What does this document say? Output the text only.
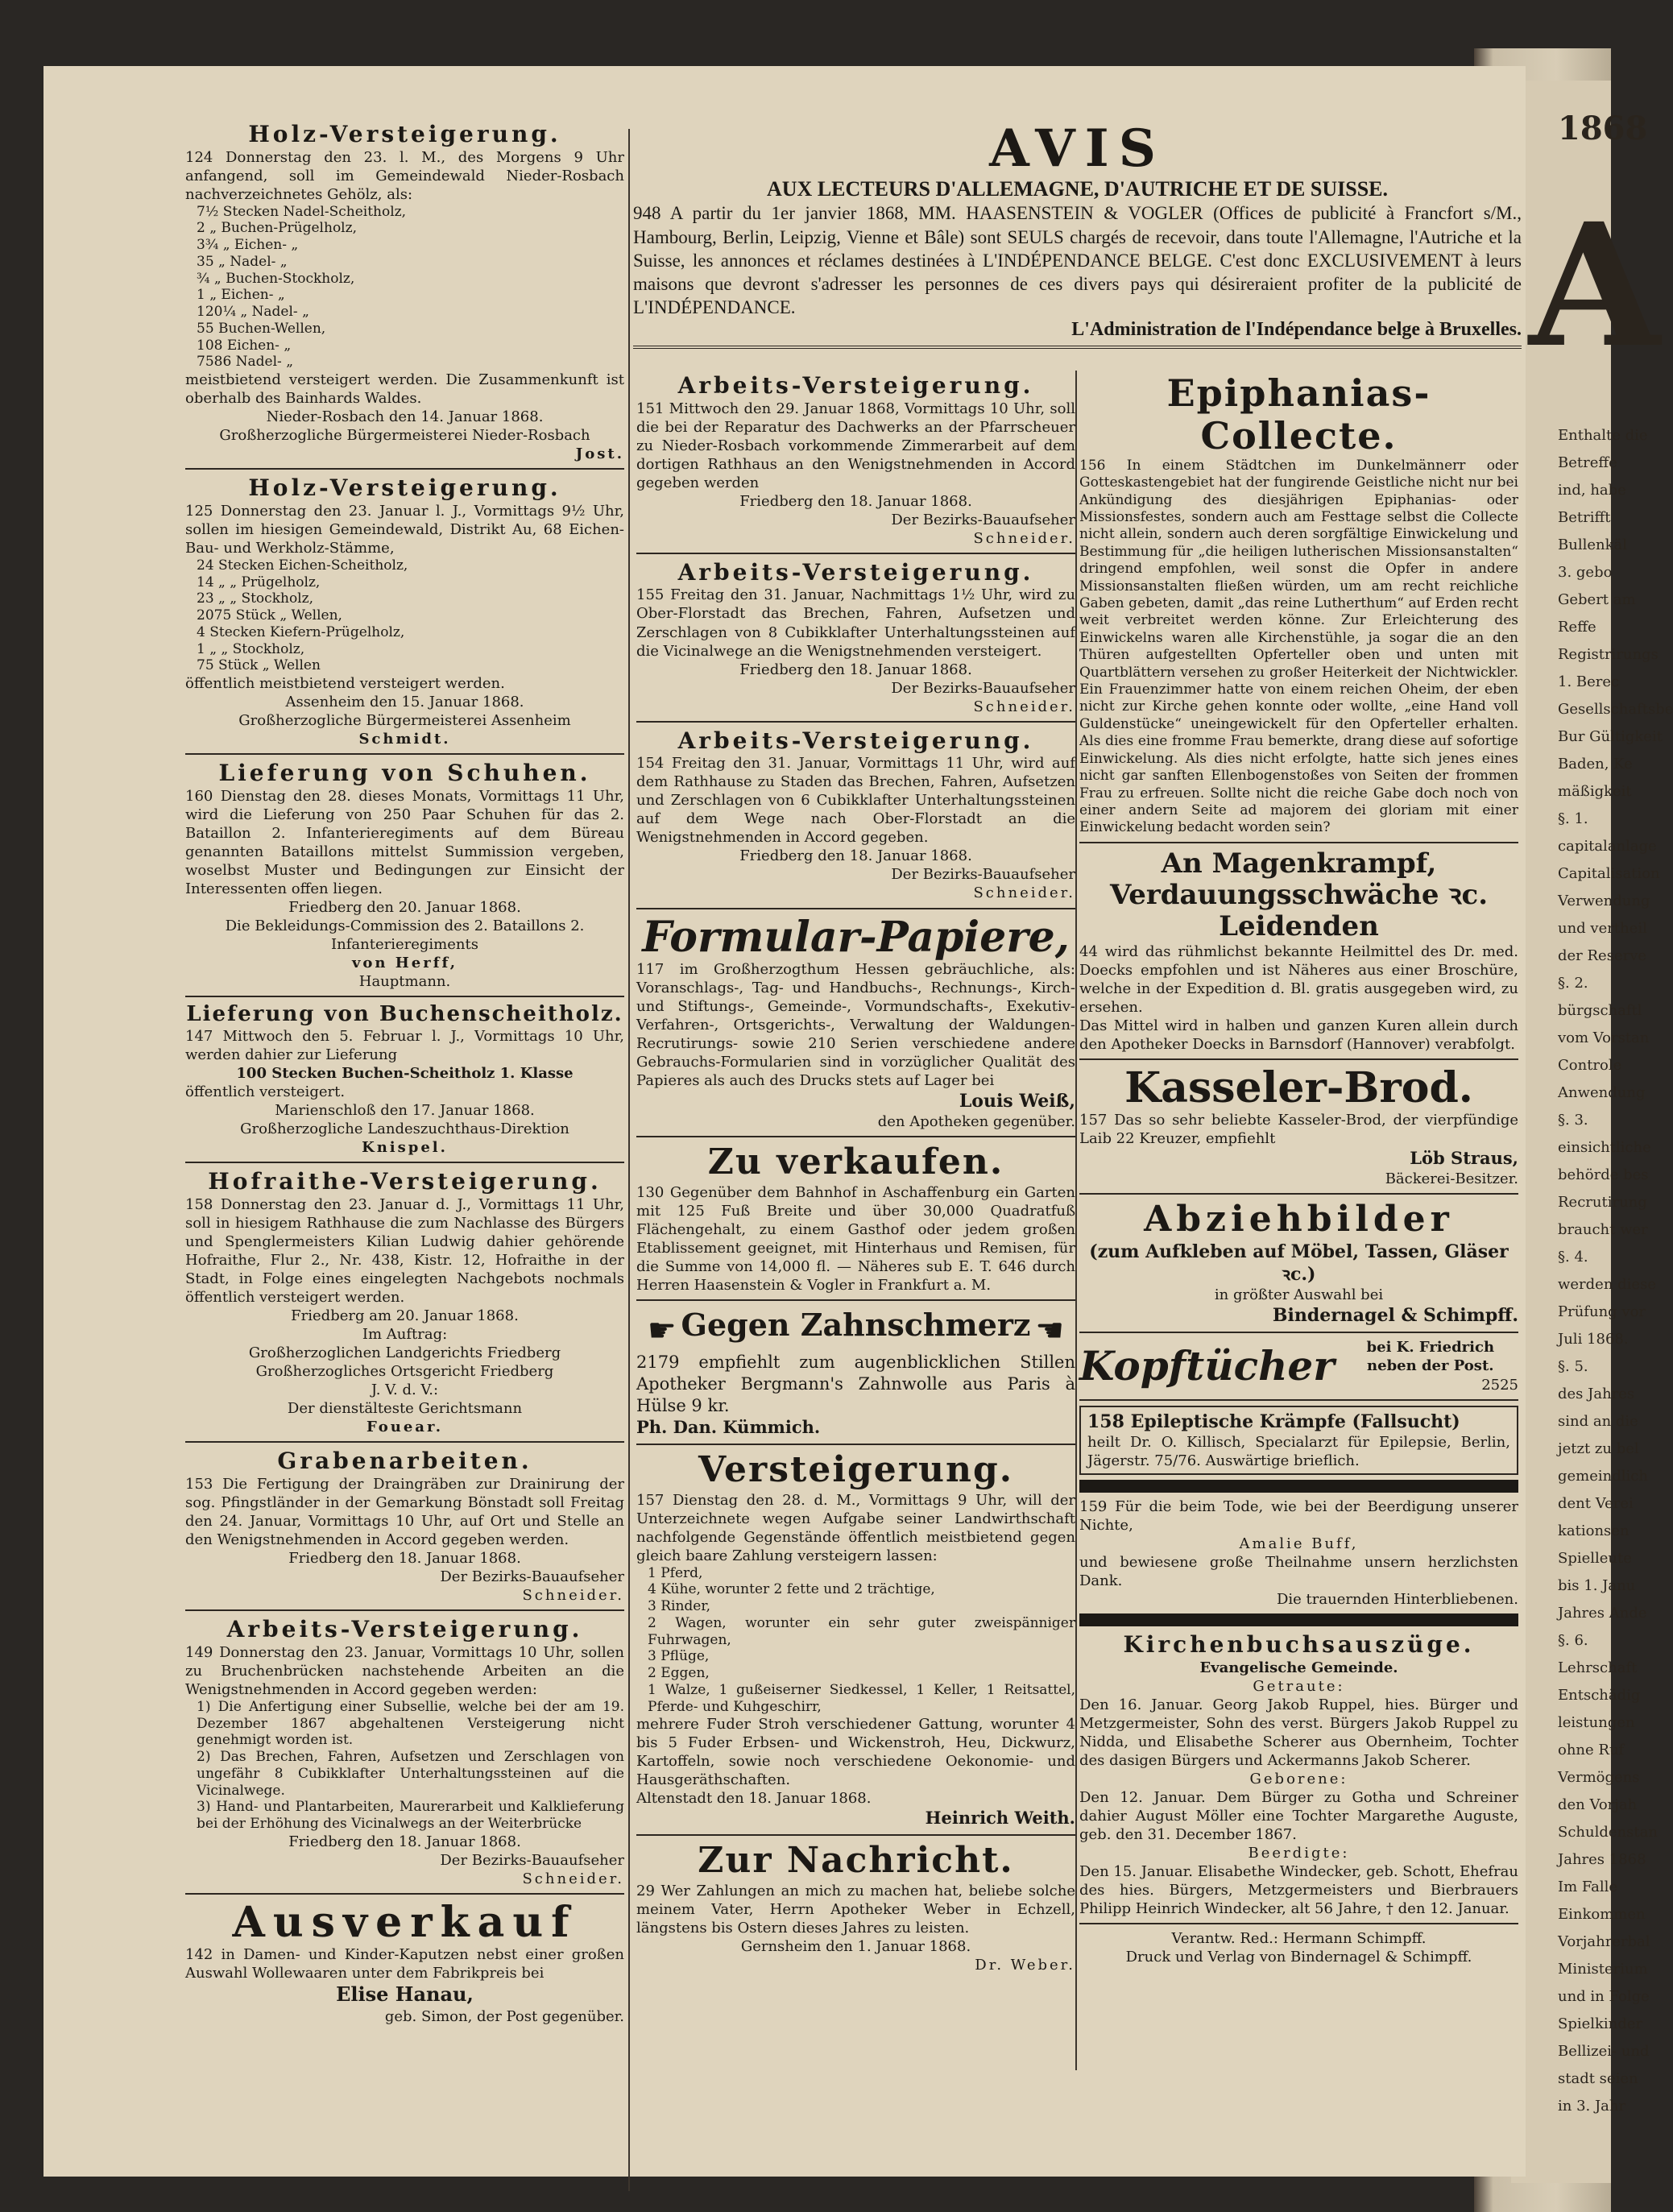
1868
A
Enthalte die
Betreffe
ind, habe
Betrifft
Bullenkäl
3. gebo
Gebert am
Reffe
Registrirungs
1. Berec
Gesellschaftsbe
Bur Gültigkeit
Baden, Ke
mäßigkeit
§. 1.
capitalanlage
Capitalisation
Verwendung
und vertheil
der Reserve
§. 2.
bürgschaftl
vom Vorstan
Controle
Anwendung
§. 3.
einsichtliche
behörde bes
Recrutirung
braucht wer
§. 4.
werden diese
Prüfung vor
Juli 1868.
§. 5.
des Jahres
sind an die
jetzt zu bel
gemeindlich
dent Verei
kationsen
Spielleute
bis 1. Janu
Jahres Ande
§. 6.
Lehrschaft
Entschädig
leistungen
ohne Ruf
Vermögens
den Vorjah
Schuldenstan
Jahres 1868
Im Falle
Einkommen
Vorjahrerbal
Ministerium
und in Folge
Spielkinder
Bellizei- und
stadt seien
in 3. Jahr
Holz-Versteigerung.
124 Donnerstag den 23. l. M., des Morgens 9 Uhr anfangend, soll im Gemeindewald Nieder-Rosbach nachverzeichnetes Gehölz, als:
7½ Stecken Nadel-Scheitholz,
2 „ Buchen-Prügelholz,
3¾ „ Eichen- „
35 „ Nadel- „
¾ „ Buchen-Stockholz,
1 „ Eichen- „
120¼ „ Nadel- „
55 Buchen-Wellen,
108 Eichen- „
7586 Nadel- „
meistbietend versteigert werden. Die Zusammenkunft ist oberhalb des Bainhards Waldes.
Nieder-Rosbach den 14. Januar 1868.
Großherzogliche Bürgermeisterei Nieder-Rosbach
Jost.
Holz-Versteigerung.
125 Donnerstag den 23. Januar l. J., Vormittags 9½ Uhr, sollen im hiesigen Gemeindewald, Distrikt Au, 68 Eichen-Bau- und Werkholz-Stämme,
24 Stecken Eichen-Scheitholz,
14 „ „ Prügelholz,
23 „ „ Stockholz,
2075 Stück „ Wellen,
4 Stecken Kiefern-Prügelholz,
1 „ „ Stockholz,
75 Stück „ Wellen
öffentlich meistbietend versteigert werden.
Assenheim den 15. Januar 1868.
Großherzogliche Bürgermeisterei Assenheim
Schmidt.
Lieferung von Schuhen.
160 Dienstag den 28. dieses Monats, Vormittags 11 Uhr, wird die Lieferung von 250 Paar Schuhen für das 2. Bataillon 2. Infanterieregiments auf dem Büreau genannten Bataillons mittelst Summission vergeben, woselbst Muster und Bedingungen zur Einsicht der Interessenten offen liegen.
Friedberg den 20. Januar 1868.
Die Bekleidungs-Commission des 2. Bataillons 2. Infanterieregiments
von Herff,
Hauptmann.
Lieferung von Buchenscheitholz.
147 Mittwoch den 5. Februar l. J., Vormittags 10 Uhr, werden dahier zur Lieferung
100 Stecken Buchen-Scheitholz 1. Klasse
öffentlich versteigert.
Marienschloß den 17. Januar 1868.
Großherzogliche Landeszuchthaus-Direktion
Knispel.
Hofraithe-Versteigerung.
158 Donnerstag den 23. Januar d. J., Vormittags 11 Uhr, soll in hiesigem Rathhause die zum Nachlasse des Bürgers und Spenglermeisters Kilian Ludwig dahier gehörende Hofraithe, Flur 2., Nr. 438, Kistr. 12, Hofraithe in der Stadt, in Folge eines eingelegten Nachgebots nochmals öffentlich versteigert werden.
Friedberg am 20. Januar 1868.
Im Auftrag:
Großherzoglichen Landgerichts Friedberg
Großherzogliches Ortsgericht Friedberg
J. V. d. V.:
Der dienstälteste Gerichtsmann
Fouear.
Grabenarbeiten.
153 Die Fertigung der Draingräben zur Drainirung der sog. Pfingstländer in der Gemarkung Bönstadt soll Freitag den 24. Januar, Vormittags 10 Uhr, auf Ort und Stelle an den Wenigstnehmenden in Accord gegeben werden.
Friedberg den 18. Januar 1868.
Der Bezirks-Bauaufseher
Schneider.
Arbeits-Versteigerung.
149 Donnerstag den 23. Januar, Vormittags 10 Uhr, sollen zu Bruchenbrücken nachstehende Arbeiten an die Wenigstnehmenden in Accord gegeben werden:
1) Die Anfertigung einer Subsellie, welche bei der am 19. Dezember 1867 abgehaltenen Versteigerung nicht genehmigt worden ist.
2) Das Brechen, Fahren, Aufsetzen und Zerschlagen von ungefähr 8 Cubikklafter Unterhaltungssteinen auf die Vicinalwege.
3) Hand- und Plantarbeiten, Maurerarbeit und Kalklieferung bei der Erhöhung des Vicinalwegs an der Weiterbrücke
Friedberg den 18. Januar 1868.
Der Bezirks-Bauaufseher
Schneider.
Ausverkauf
142 in Damen- und Kinder-Kaputzen nebst einer großen Auswahl Wollewaaren unter dem Fabrikpreis bei
Elise Hanau,
geb. Simon, der Post gegenüber.
AVIS
AUX LECTEURS D'ALLEMAGNE, D'AUTRICHE ET DE SUISSE.
948 A partir du 1er janvier 1868, MM. HAASENSTEIN & VOGLER (Offices de publicité à Francfort s/M., Hambourg, Berlin, Leipzig, Vienne et Bâle) sont SEULS chargés de recevoir, dans toute l'Allemagne, l'Autriche et la Suisse, les annonces et réclames destinées à L'INDÉPENDANCE BELGE. C'est donc EXCLUSIVEMENT à leurs maisons que devront s'adresser les personnes de ces divers pays qui désireraient profiter de la publicité de L'INDÉPENDANCE.
L'Administration de l'Indépendance belge à Bruxelles.
Arbeits-Versteigerung.
151 Mittwoch den 29. Januar 1868, Vormittags 10 Uhr, soll die bei der Reparatur des Dachwerks an der Pfarrscheuer zu Nieder-Rosbach vorkommende Zimmerarbeit auf dem dortigen Rathhaus an den Wenigstnehmenden in Accord gegeben werden
Friedberg den 18. Januar 1868.
Der Bezirks-Bauaufseher
Schneider.
Arbeits-Versteigerung.
155 Freitag den 31. Januar, Nachmittags 1½ Uhr, wird zu Ober-Florstadt das Brechen, Fahren, Aufsetzen und Zerschlagen von 8 Cubikklafter Unterhaltungssteinen auf die Vicinalwege an die Wenigstnehmenden versteigert.
Friedberg den 18. Januar 1868.
Der Bezirks-Bauaufseher
Schneider.
Arbeits-Versteigerung.
154 Freitag den 31. Januar, Vormittags 11 Uhr, wird auf dem Rathhause zu Staden das Brechen, Fahren, Aufsetzen und Zerschlagen von 6 Cubikklafter Unterhaltungssteinen auf dem Wege nach Ober-Florstadt an die Wenigstnehmenden in Accord gegeben.
Friedberg den 18. Januar 1868.
Der Bezirks-Bauaufseher
Schneider.
Formular-Papiere,
117 im Großherzogthum Hessen gebräuchliche, als: Voranschlags-, Tag- und Handbuchs-, Rechnungs-, Kirch- und Stiftungs-, Gemeinde-, Vormundschafts-, Exekutiv-Verfahren-, Ortsgerichts-, Verwaltung der Waldungen-Recrutirungs- sowie 210 Serien verschiedene andere Gebrauchs-Formularien sind in vorzüglicher Qualität des Papieres als auch des Drucks stets auf Lager bei
Louis Weiß,
den Apotheken gegenüber.
Zu verkaufen.
130 Gegenüber dem Bahnhof in Aschaffenburg ein Garten mit 125 Fuß Breite und über 30,000 Quadratfuß Flächengehalt, zu einem Gasthof oder jedem großen Etablissement geeignet, mit Hinterhaus und Remisen, für die Summe von 14,000 fl. — Näheres sub E. T. 646 durch Herren Haasenstein & Vogler in Frankfurt a. M.
☛ Gegen Zahnschmerz ☚
2179 empfiehlt zum augenblicklichen Stillen Apotheker Bergmann's Zahnwolle aus Paris à Hülse 9 kr.
Ph. Dan. Kümmich.
Versteigerung.
157 Dienstag den 28. d. M., Vormittags 9 Uhr, will der Unterzeichnete wegen Aufgabe seiner Landwirthschaft nachfolgende Gegenstände öffentlich meistbietend gegen gleich baare Zahlung versteigern lassen:
1 Pferd,
4 Kühe, worunter 2 fette und 2 trächtige,
3 Rinder,
2 Wagen, worunter ein sehr guter zweispänniger Fuhrwagen,
3 Pflüge,
2 Eggen,
1 Walze, 1 gußeiserner Siedkessel, 1 Keller, 1 Reitsattel, Pferde- und Kuhgeschirr,
mehrere Fuder Stroh verschiedener Gattung, worunter 4 bis 5 Fuder Erbsen- und Wickenstroh, Heu, Dickwurz, Kartoffeln, sowie noch verschiedene Oekonomie- und Hausgeräthschaften.
Altenstadt den 18. Januar 1868.
Heinrich Weith.
Zur Nachricht.
29 Wer Zahlungen an mich zu machen hat, beliebe solche meinem Vater, Herrn Apotheker Weber in Echzell, längstens bis Ostern dieses Jahres zu leisten.
Gernsheim den 1. Januar 1868.
Dr. Weber.
Epiphanias-Collecte.
156 In einem Städtchen im Dunkelmännerr oder Gotteskastengebiet hat der fungirende Geistliche nicht nur bei Ankündigung des diesjährigen Epiphanias- oder Missionsfestes, sondern auch am Festtage selbst die Collecte nicht allein, sondern auch deren sorgfältige Einwickelung und Bestimmung für „die heiligen lutherischen Missionsanstalten“ dringend empfohlen, weil sonst die Opfer in andere Missionsanstalten fließen würden, um am recht reichliche Gaben gebeten, damit „das reine Lutherthum“ auf Erden recht weit verbreitet werden könne. Zur Erleichterung des Einwickelns waren alle Kirchenstühle, ja sogar die an den Thüren aufgestellten Opferteller oben und unten mit Quartblättern versehen zu großer Heiterkeit der Nichtwickler. Ein Frauenzimmer hatte von einem reichen Oheim, der eben nicht zur Kirche gehen konnte oder wollte, „eine Hand voll Guldenstücke“ uneingewickelt für den Opferteller erhalten. Als dies eine fromme Frau bemerkte, drang diese auf sofortige Einwickelung. Als dies nicht erfolgte, hatte sich jenes eines nicht gar sanften Ellenbogenstoßes von Seiten der frommen Frau zu erfreuen. Sollte nicht die reiche Gabe doch noch von einer andern Seite ad majorem dei gloriam mit einer Einwickelung bedacht worden sein?
An Magenkrampf, Verdauungsschwäche ꝛc. Leidenden
44 wird das rühmlichst bekannte Heilmittel des Dr. med. Doecks empfohlen und ist Näheres aus einer Broschüre, welche in der Expedition d. Bl. gratis ausgegeben wird, zu ersehen.
Das Mittel wird in halben und ganzen Kuren allein durch den Apotheker Doecks in Barnsdorf (Hannover) verabfolgt.
Kasseler-Brod.
157 Das so sehr beliebte Kasseler-Brod, der vierpfündige Laib 22 Kreuzer, empfiehlt
Löb Straus,
Bäckerei-Besitzer.
Abziehbilder
(zum Aufkleben auf Möbel, Tassen, Gläser ꝛc.)
in größter Auswahl bei
Bindernagel & Schimpff.
Kopftücher	bei K. Friedrich neben der Post.
2525
158 Epileptische Krämpfe (Fallsucht)
heilt Dr. O. Killisch, Specialarzt für Epilepsie, Berlin, Jägerstr. 75/76. Auswärtige brieflich.
159 Für die beim Tode, wie bei der Beerdigung unserer Nichte,
Amalie Buff,
und bewiesene große Theilnahme unsern herzlichsten Dank.
Die trauernden Hinterbliebenen.
Kirchenbuchsauszüge.
Evangelische Gemeinde.
Getraute:
Den 16. Januar. Georg Jakob Ruppel, hies. Bürger und Metzgermeister, Sohn des verst. Bürgers Jakob Ruppel zu Nidda, und Elisabethe Scherer aus Obernheim, Tochter des dasigen Bürgers und Ackermanns Jakob Scherer.
Geborene:
Den 12. Januar. Dem Bürger zu Gotha und Schreiner dahier August Möller eine Tochter Margarethe Auguste, geb. den 31. December 1867.
Beerdigte:
Den 15. Januar. Elisabethe Windecker, geb. Schott, Ehefrau des hies. Bürgers, Metzgermeisters und Bierbrauers Philipp Heinrich Windecker, alt 56 Jahre, † den 12. Januar.
Verantw. Red.: Hermann Schimpff.
Druck und Verlag von Bindernagel & Schimpff.
